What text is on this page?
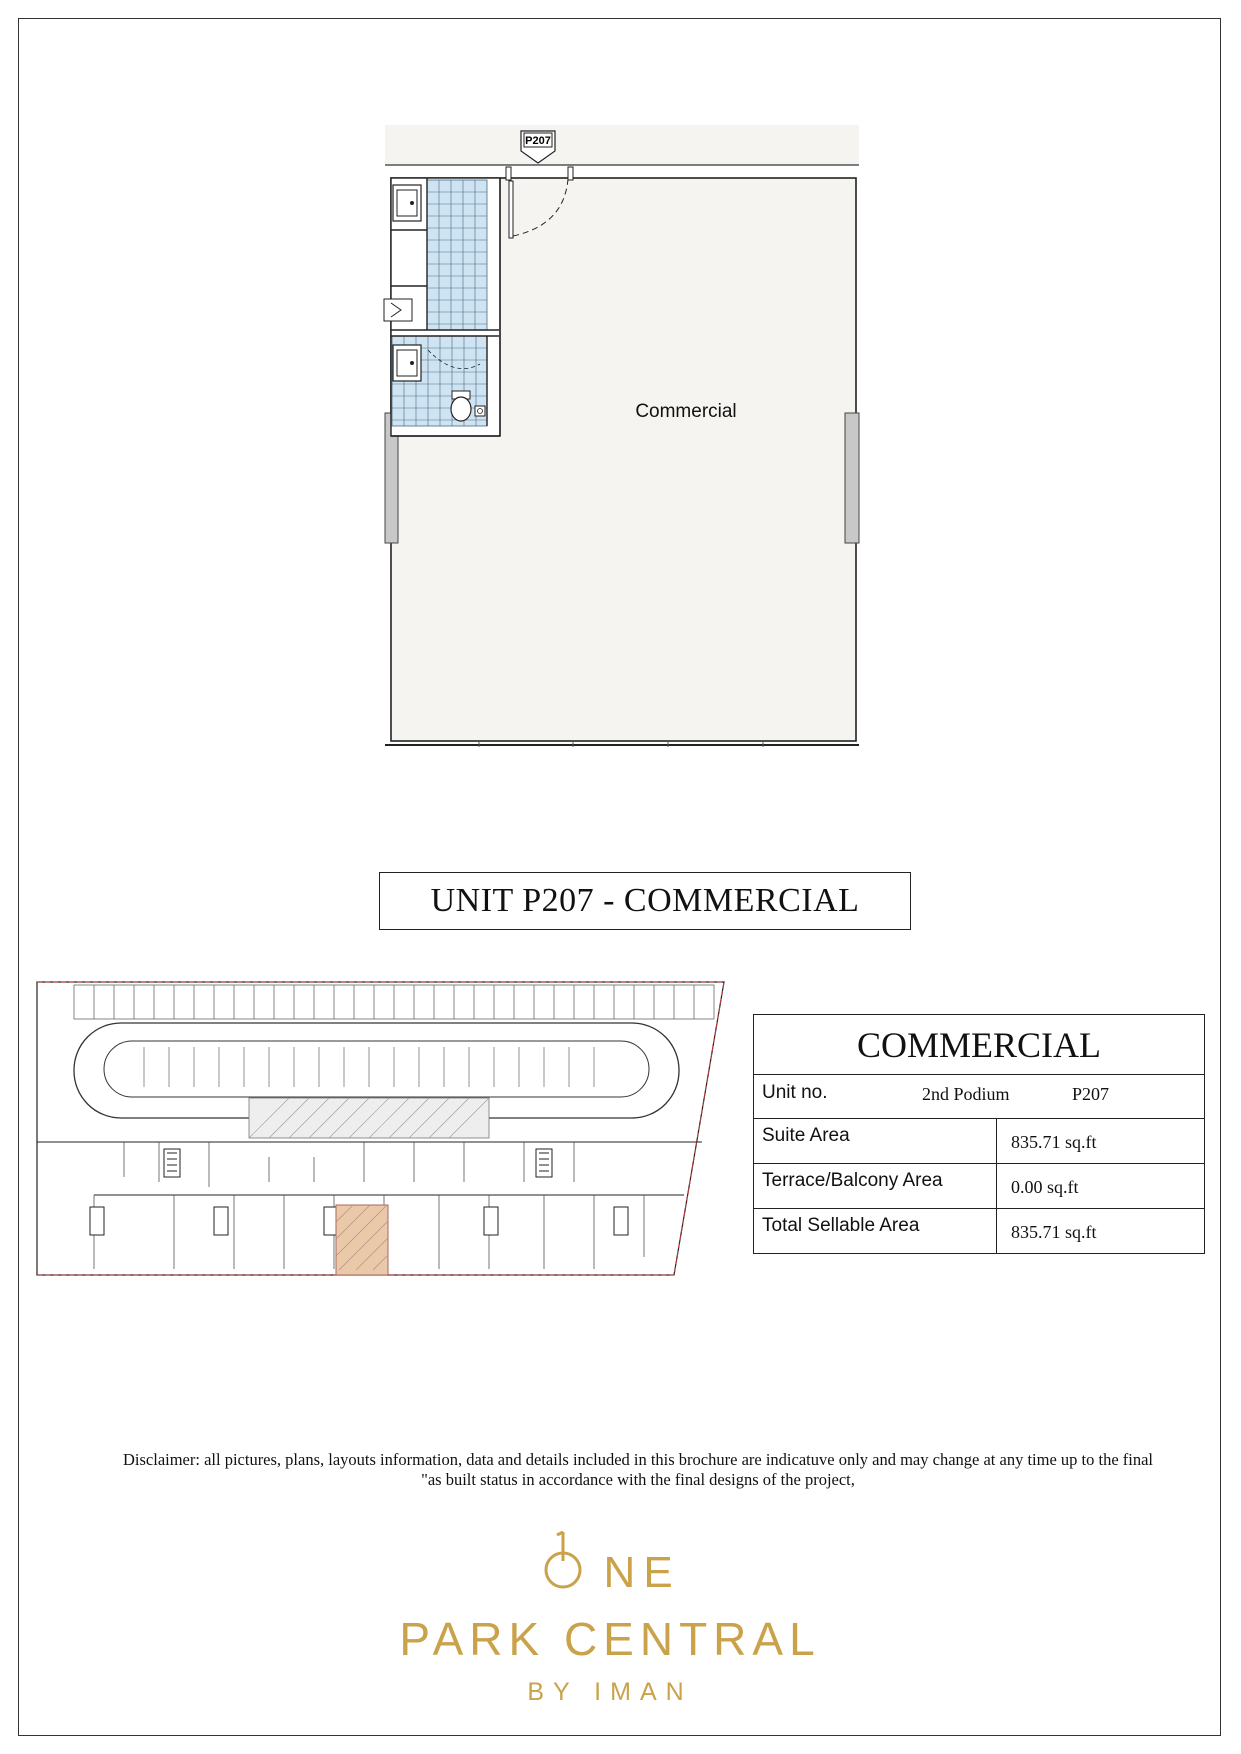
P207
Commercial
UNIT P207 - COMMERCIAL
COMMERCIAL
Unit no.	2nd Podium	P207
Suite Area	835.71 sq.ft
Terrace/Balcony Area	0.00 sq.ft
Total Sellable Area	835.71 sq.ft
Disclaimer: all pictures, plans, layouts information, data and details included in this brochure are indicatuve only and may change at any time up to the final
"as built status in accordance with the final designs of the project,
ONE
PARK CENTRAL
BY IMAN
